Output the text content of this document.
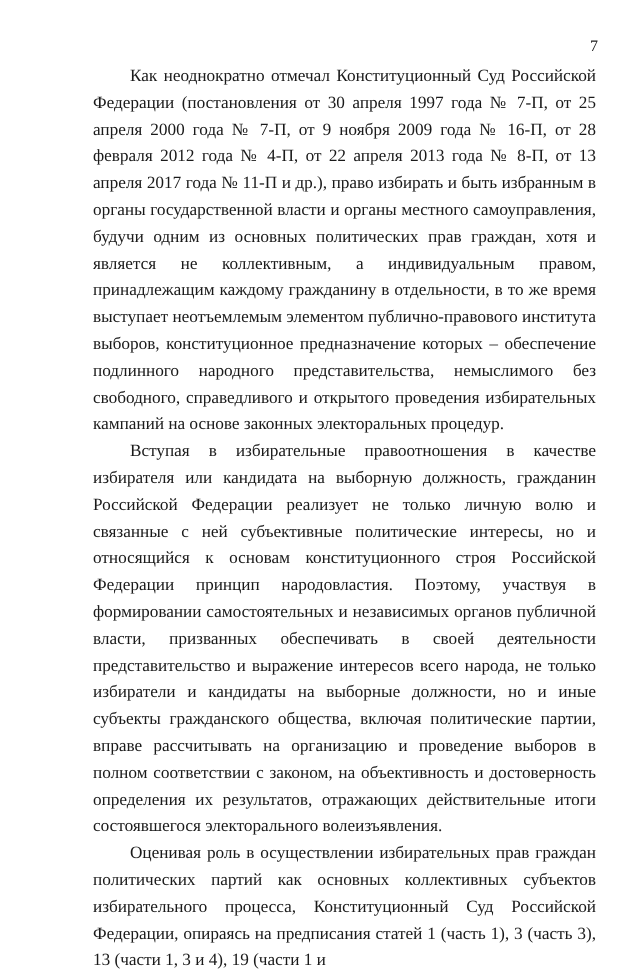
7

Как неоднократно отмечал Конституционный Суд Российской Федерации (постановления от 30 апреля 1997 года № 7-П, от 25 апреля 2000 года № 7-П, от 9 ноября 2009 года № 16-П, от 28 февраля 2012 года № 4-П, от 22 апреля 2013 года № 8-П, от 13 апреля 2017 года № 11-П и др.), право избирать и быть избранным в органы государственной власти и органы местного самоуправления, будучи одним из основных политических прав граждан, хотя и является не коллективным, а индивидуальным правом, принадлежащим каждому гражданину в отдельности, в то же время выступает неотъемлемым элементом публично-правового института выборов, конституционное предназначение которых – обеспечение подлинного народного представительства, немыслимого без свободного, справедливого и открытого проведения избирательных кампаний на основе законных электоральных процедур.

Вступая в избирательные правоотношения в качестве избирателя или кандидата на выборную должность, гражданин Российской Федерации реализует не только личную волю и связанные с ней субъективные политические интересы, но и относящийся к основам конституционного строя Российской Федерации принцип народовластия. Поэтому, участвуя в формировании самостоятельных и независимых органов публичной власти, призванных обеспечивать в своей деятельности представительство и выражение интересов всего народа, не только избиратели и кандидаты на выборные должности, но и иные субъекты гражданского общества, включая политические партии, вправе рассчитывать на организацию и проведение выборов в полном соответствии с законом, на объективность и достоверность определения их результатов, отражающих действительные итоги состоявшегося электорального волеизъявления.

Оценивая роль в осуществлении избирательных прав граждан политических партий как основных коллективных субъектов избирательного процесса, Конституционный Суд Российской Федерации, опираясь на предписания статей 1 (часть 1), 3 (часть 3), 13 (части 1, 3 и 4), 19 (части 1 и
